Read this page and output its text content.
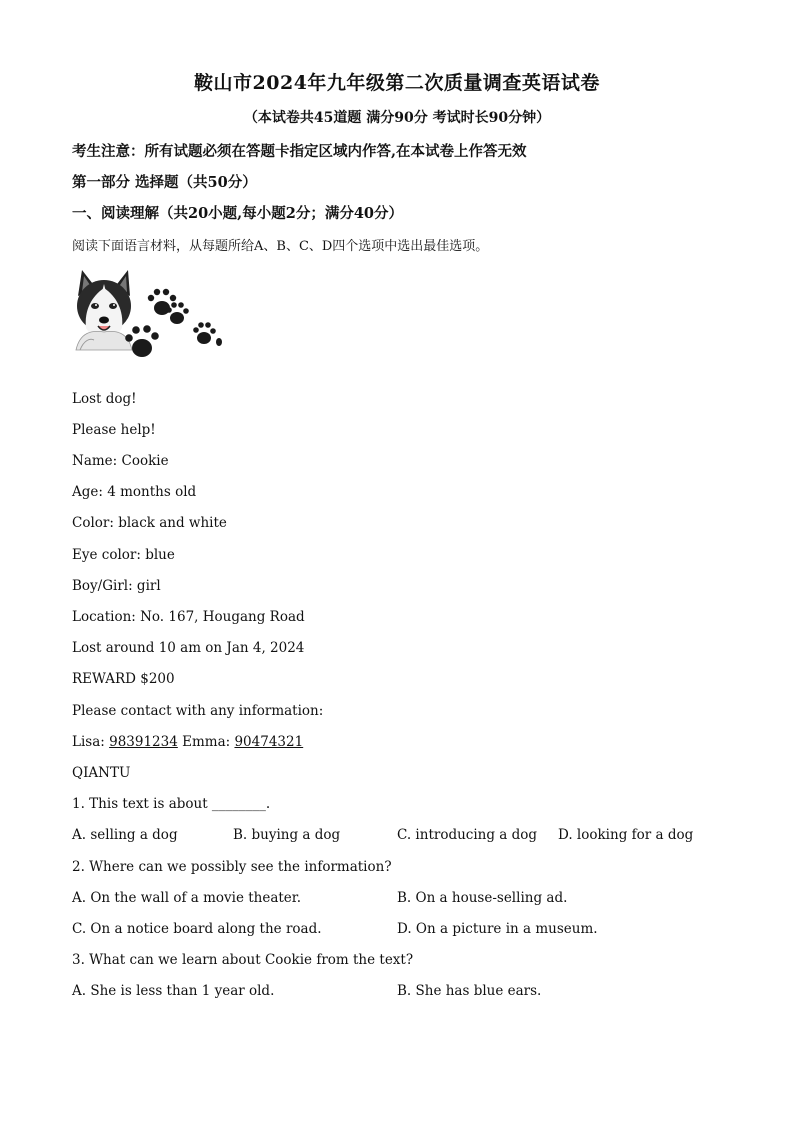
鞍山市2024年九年级第二次质量调查英语试卷
（本试卷共45道题 满分90分 考试时长90分钟）
考生注意：所有试题必须在答题卡指定区域内作答,在本试卷上作答无效
第一部分 选择题（共50分）
一、阅读理解（共20小题,每小题2分；满分40分）
阅读下面语言材料，从每题所给A、B、C、D四个选项中选出最佳选项。
Lost dog!
Please help!
Name: Cookie
Age: 4 months old
Color: black and white
Eye color: blue
Boy/Girl: girl
Location: No. 167, Hougang Road
Lost around 10 am on Jan 4, 2024
REWARD $200
Please contact with any information:
Lisa: 98391234 Emma: 90474321
QIANTU
1. This text is about ________.
A. selling a dog	B. buying a dog	C. introducing a dog D. looking for a dog
2. Where can we possibly see the information?
A. On the wall of a movie theater.	B. On a house-selling ad.
C. On a notice board along the road.	D. On a picture in a museum.
3. What can we learn about Cookie from the text?
A. She is less than 1 year old.	B. She has blue ears.
